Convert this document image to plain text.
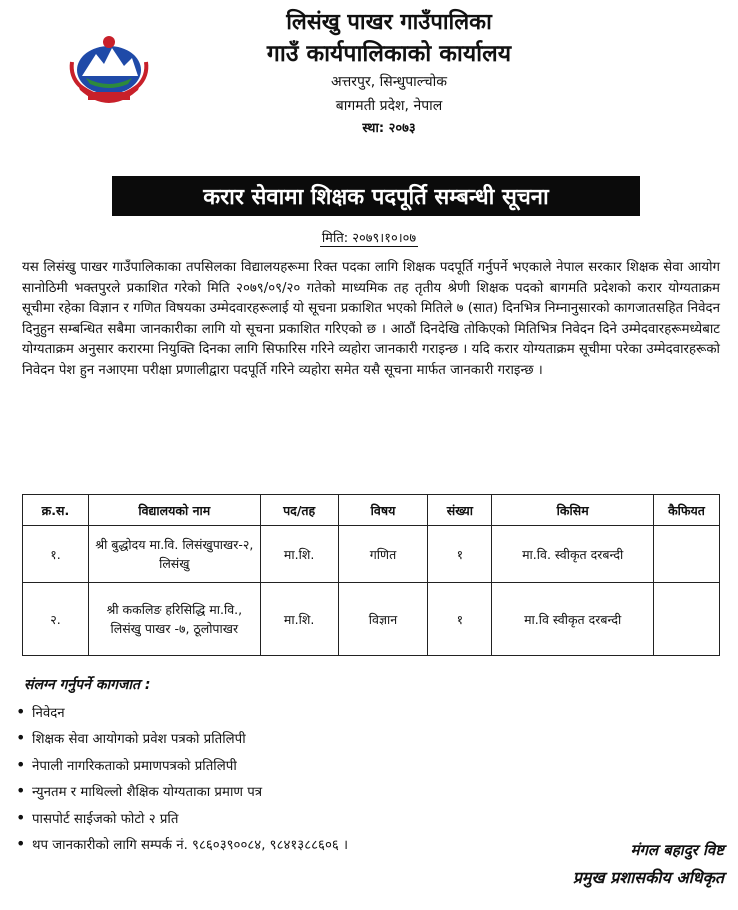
लिसंखु पाखर गाउँपालिका
गाउँ कार्यपालिकाको कार्यालय
अत्तरपुर, सिन्धुपाल्चोक
बागमती प्रदेश, नेपाल
स्था: २०७३
करार सेवामा शिक्षक पदपूर्ति सम्बन्धी सूचना
मिति: २०७९।१०।०७
यस लिसंखु पाखर गाउँपालिकाका तपसिलका विद्यालयहरूमा रिक्त पदका लागि शिक्षक पदपूर्ति गर्नुपर्ने भएकाले नेपाल सरकार शिक्षक सेवा आयोग सानोठिमी भक्तपुरले प्रकाशित गरेको मिति २०७९/०९/२० गतेको माध्यमिक तह तृतीय श्रेणी शिक्षक पदको बागमति प्रदेशको करार योग्यताक्रम सूचीमा रहेका विज्ञान र गणित विषयका उम्मेदवारहरूलाई यो सूचना प्रकाशित भएको मितिले ७ (सात) दिनभित्र निम्नानुसारको कागजातसहित निवेदन दिनुहुन सम्बन्धित सबैमा जानकारीका लागि यो सूचना प्रकाशित गरिएको छ । आठौं दिनदेखि तोकिएको मितिभित्र निवेदन दिने उम्मेदवारहरूमध्येबाट योग्यताक्रम अनुसार करारमा नियुक्ति दिनका लागि सिफारिस गरिने व्यहोरा जानकारी गराइन्छ । यदि करार योग्यताक्रम सूचीमा परेका उम्मेदवारहरूको निवेदन पेश हुन नआएमा परीक्षा प्रणालीद्वारा पदपूर्ति गरिने व्यहोरा समेत यसै सूचना मार्फत जानकारी गराइन्छ ।
क्र.स.	विद्यालयको नाम	पद/तह	विषय	संख्या	किसिम	कैफियत
१.	श्री बुद्धोदय मा.वि. लिसंखुपाखर-२, लिसंखु	मा.शि.	गणित	१	मा.वि. स्वीकृत दरबन्दी	
२.	श्री ककलिङ हरिसिद्धि मा.वि., लिसंखु पाखर -७, ठूलोपाखर	मा.शि.	विज्ञान	१	मा.वि स्वीकृत दरबन्दी	
संलग्न गर्नुपर्ने कागजात :
• निवेदन
• शिक्षक सेवा आयोगको प्रवेश पत्रको प्रतिलिपी
• नेपाली नागरिकताको प्रमाणपत्रको प्रतिलिपी
• न्युनतम र माथिल्लो शैक्षिक योग्यताका प्रमाण पत्र
• पासपोर्ट साईजको फोटो २ प्रति
• थप जानकारीको लागि सम्पर्क नं. ९८६०३९००८४, ९८४१३८८६०६ ।	मंगल बहादुर विष्ट
प्रमुख प्रशासकीय अधिकृत
